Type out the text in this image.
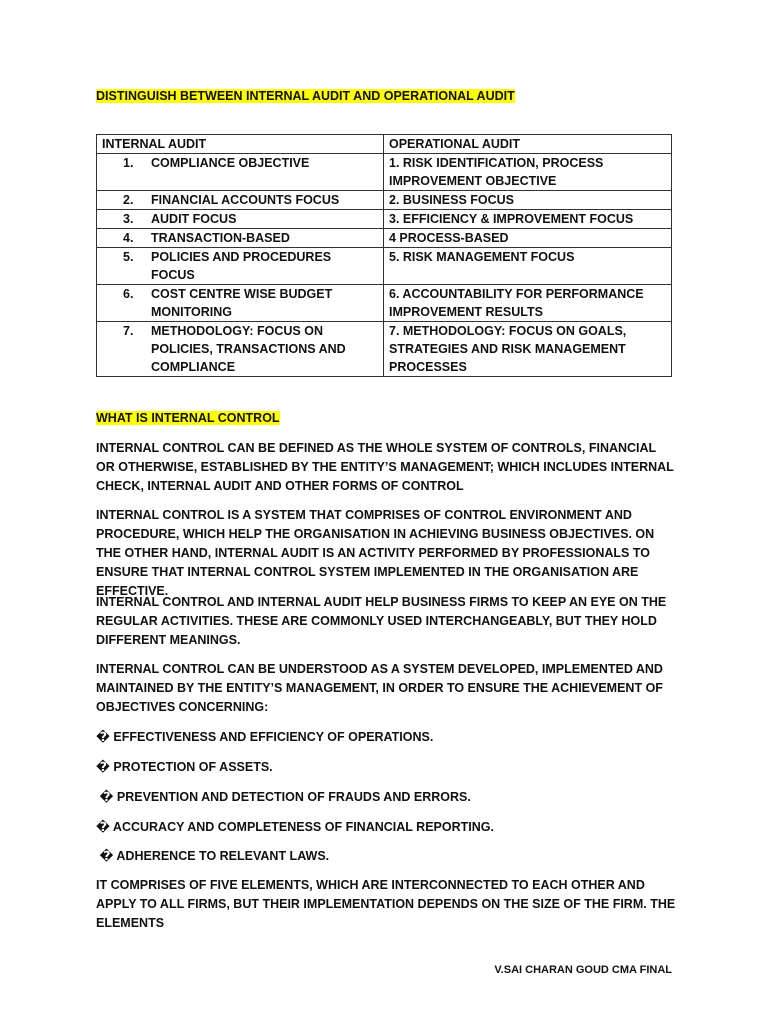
DISTINGUISH BETWEEN INTERNAL AUDIT AND OPERATIONAL AUDIT
INTERNAL AUDIT	OPERATIONAL AUDIT

1. COMPLIANCE OBJECTIVE	1. RISK IDENTIFICATION, PROCESS IMPROVEMENT OBJECTIVE

2. FINANCIAL ACCOUNTS FOCUS	2. BUSINESS FOCUS

3. AUDIT FOCUS	3. EFFICIENCY & IMPROVEMENT FOCUS

4. TRANSACTION-BASED	4 PROCESS-BASED

5. POLICIES AND PROCEDURES FOCUS	5. RISK MANAGEMENT FOCUS

6. COST CENTRE WISE BUDGET MONITORING	6. ACCOUNTABILITY FOR PERFORMANCE IMPROVEMENT RESULTS

7. METHODOLOGY: FOCUS ON POLICIES, TRANSACTIONS AND COMPLIANCE	7. METHODOLOGY: FOCUS ON GOALS, STRATEGIES AND RISK MANAGEMENT PROCESSES
WHAT IS INTERNAL CONTROL

INTERNAL CONTROL CAN BE DEFINED AS THE WHOLE SYSTEM OF CONTROLS, FINANCIAL OR OTHERWISE, ESTABLISHED BY THE ENTITY’S MANAGEMENT; WHICH INCLUDES INTERNAL CHECK, INTERNAL AUDIT AND OTHER FORMS OF CONTROL

INTERNAL CONTROL IS A SYSTEM THAT COMPRISES OF CONTROL ENVIRONMENT AND PROCEDURE, WHICH HELP THE ORGANISATION IN ACHIEVING BUSINESS OBJECTIVES. ON THE OTHER HAND, INTERNAL AUDIT IS AN ACTIVITY PERFORMED BY PROFESSIONALS TO ENSURE THAT INTERNAL CONTROL SYSTEM IMPLEMENTED IN THE ORGANISATION ARE EFFECTIVE.

INTERNAL CONTROL AND INTERNAL AUDIT HELP BUSINESS FIRMS TO KEEP AN EYE ON THE REGULAR ACTIVITIES. THESE ARE COMMONLY USED INTERCHANGEABLY, BUT THEY HOLD DIFFERENT MEANINGS.

INTERNAL CONTROL CAN BE UNDERSTOOD AS A SYSTEM DEVELOPED, IMPLEMENTED AND MAINTAINED BY THE ENTITY’S MANAGEMENT, IN ORDER TO ENSURE THE ACHIEVEMENT OF OBJECTIVES CONCERNING:

� EFFECTIVENESS AND EFFICIENCY OF OPERATIONS.

� PROTECTION OF ASSETS.

� PREVENTION AND DETECTION OF FRAUDS AND ERRORS.

� ACCURACY AND COMPLETENESS OF FINANCIAL REPORTING.

� ADHERENCE TO RELEVANT LAWS.

IT COMPRISES OF FIVE ELEMENTS, WHICH ARE INTERCONNECTED TO EACH OTHER AND APPLY TO ALL FIRMS, BUT THEIR IMPLEMENTATION DEPENDS ON THE SIZE OF THE FIRM. THE ELEMENTS

V.SAI CHARAN GOUD CMA FINAL
